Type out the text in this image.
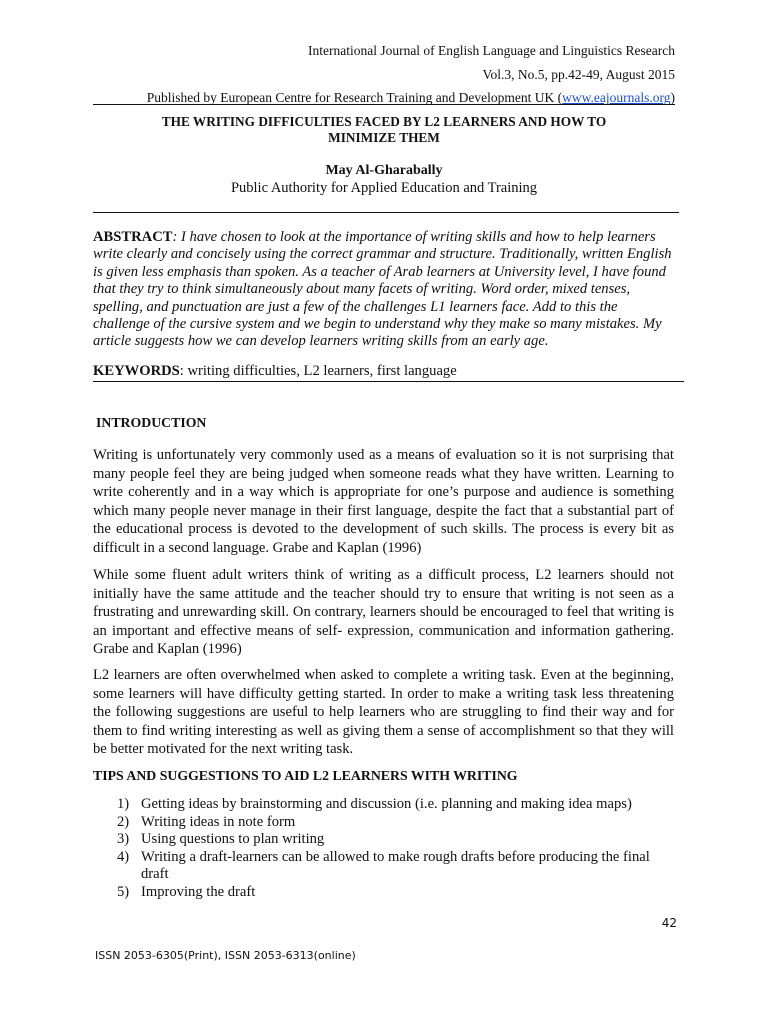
International Journal of English Language and Linguistics Research
Vol.3, No.5, pp.42-49, August 2015
Published by European Centre for Research Training and Development UK (www.eajournals.org)
THE WRITING DIFFICULTIES FACED BY L2 LEARNERS AND HOW TO
MINIMIZE THEM
May Al-Gharabally
Public Authority for Applied Education and Training
ABSTRACT: I have chosen to look at the importance of writing skills and how to help learners write clearly and concisely using the correct grammar and structure. Traditionally, written English is given less emphasis than spoken. As a teacher of Arab learners at University level, I have found that they try to think simultaneously about many facets of writing. Word order, mixed tenses, spelling, and punctuation are just a few of the challenges L1 learners face. Add to this the challenge of the cursive system and we begin to understand why they make so many mistakes. My article suggests how we can develop learners writing skills from an early age.
KEYWORDS: writing difficulties, L2 learners, first language
INTRODUCTION
Writing is unfortunately very commonly used as a means of evaluation so it is not surprising that many people feel they are being judged when someone reads what they have written. Learning to write coherently and in a way which is appropriate for one’s purpose and audience is something which many people never manage in their first language, despite the fact that a substantial part of the educational process is devoted to the development of such skills. The process is every bit as difficult in a second language. Grabe and Kaplan (1996)
While some fluent adult writers think of writing as a difficult process, L2 learners should not initially have the same attitude and the teacher should try to ensure that writing is not seen as a frustrating and unrewarding skill. On contrary, learners should be encouraged to feel that writing is an important and effective means of self- expression, communication and information gathering. Grabe and Kaplan (1996)
L2 learners are often overwhelmed when asked to complete a writing task. Even at the beginning, some learners will have difficulty getting started. In order to make a writing task less threatening the following suggestions are useful to help learners who are struggling to find their way and for them to find writing interesting as well as giving them a sense of accomplishment so that they will be better motivated for the next writing task.
TIPS AND SUGGESTIONS TO AID L2 LEARNERS WITH WRITING
1) Getting ideas by brainstorming and discussion (i.e. planning and making idea maps)
2) Writing ideas in note form
3) Using questions to plan writing
4) Writing a draft-learners can be allowed to make rough drafts before producing the final draft
5) Improving the draft
42
ISSN 2053-6305(Print), ISSN 2053-6313(online)
